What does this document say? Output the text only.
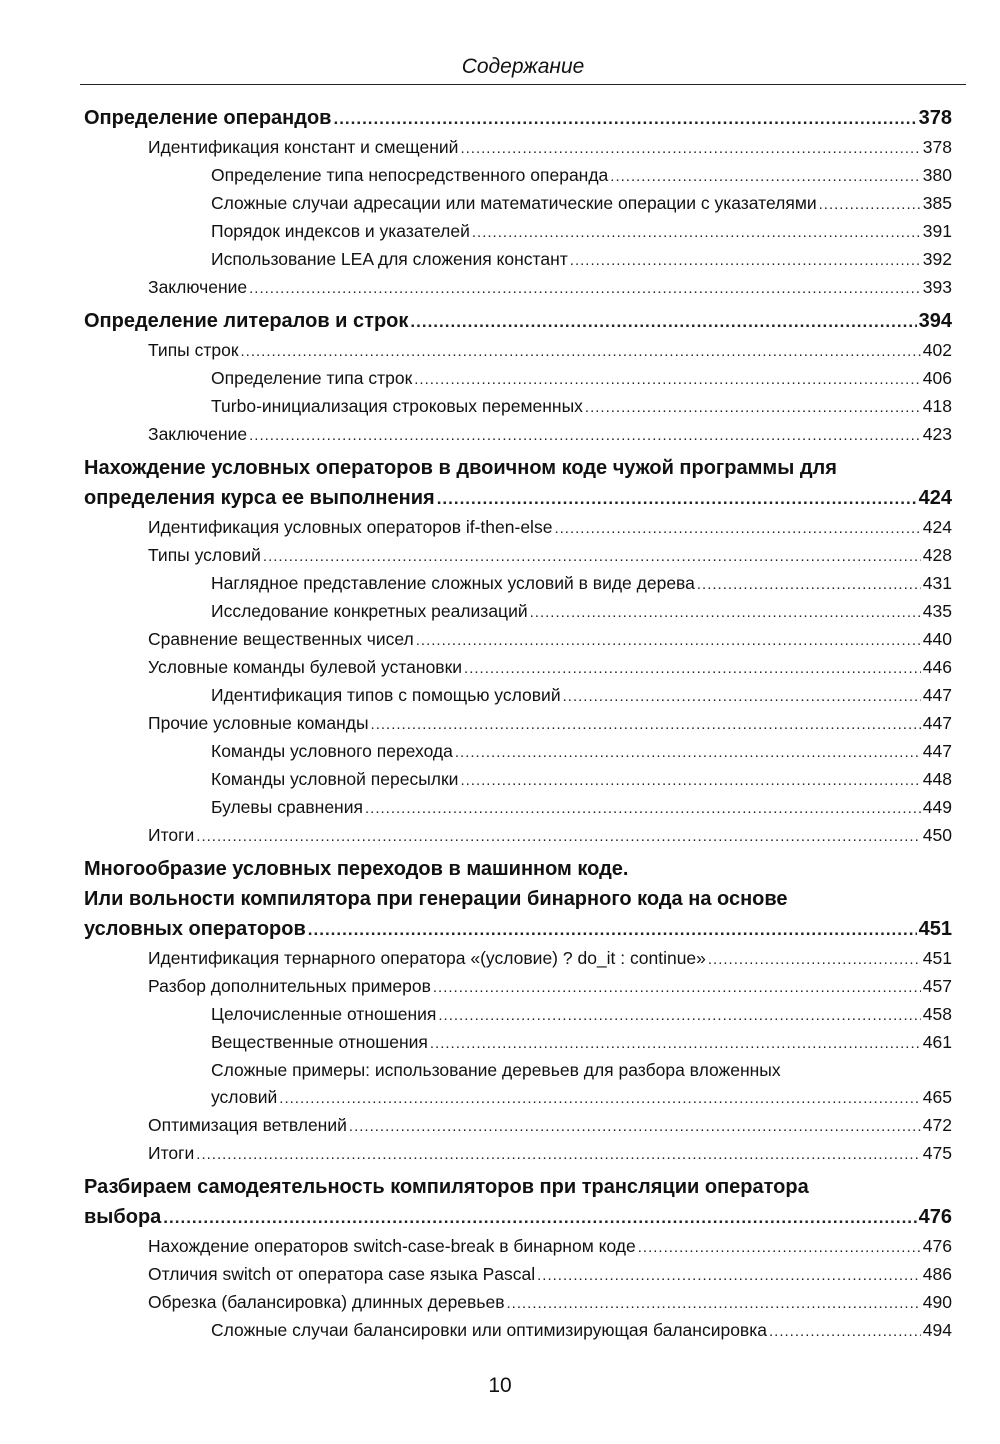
Содержание
Определение операндов .....	378
Идентификация констант и смещений .....	378
Определение типа непосредственного операнда .....	380
Сложные случаи адресации или математические операции с указателями .....	385
Порядок индексов и указателей .....	391
Использование LEA для сложения констант .....	392
Заключение .....	393
Определение литералов и строк .....	394
Типы строк .....	402
Определение типа строк .....	406
Turbo-инициализация строковых переменных .....	418
Заключение .....	423
Нахождение условных операторов в двоичном коде чужой программы для
определения курса ее выполнения .....	424
Идентификация условных операторов if-then-else .....	424
Типы условий .....	428
Наглядное представление сложных условий в виде дерева .....	431
Исследование конкретных реализаций .....	435
Сравнение вещественных чисел .....	440
Условные команды булевой установки .....	446
Идентификация типов с помощью условий .....	447
Прочие условные команды .....	447
Команды условного перехода .....	447
Команды условной пересылки .....	448
Булевы сравнения .....	449
Итоги .....	450
Многообразие условных переходов в машинном коде.
Или вольности компилятора при генерации бинарного кода на основе
условных операторов .....	451
Идентификация тернарного оператора «(условие) ? do_it : continue» .....	451
Разбор дополнительных примеров .....	457
Целочисленные отношения .....	458
Вещественные отношения .....	461
Сложные примеры: использование деревьев для разбора вложенных
условий .....	465
Оптимизация ветвлений .....	472
Итоги .....	475
Разбираем самодеятельность компиляторов при трансляции оператора
выбора .....	476
Нахождение операторов switch-case-break в бинарном коде .....	476
Отличия switch от оператора case языка Pascal .....	486
Обрезка (балансировка) длинных деревьев .....	490
Сложные случаи балансировки или оптимизирующая балансировка .....	494
10
